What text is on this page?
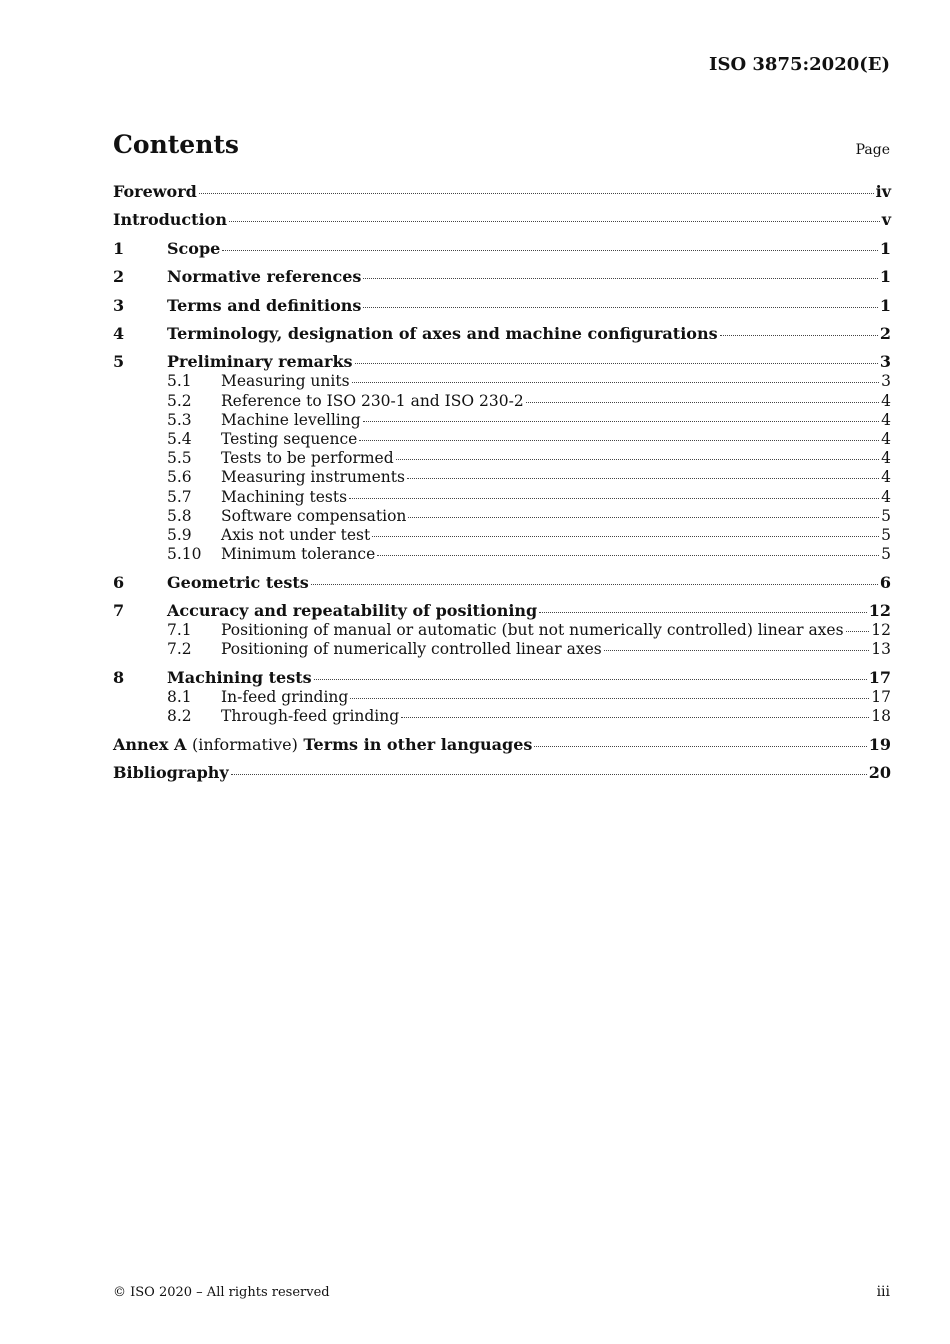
ISO 3875:2020(E)
Contents	Page
Foreword	iv
Introduction	v
1	Scope	1
2	Normative references	1
3	Terms and definitions	1
4	Terminology, designation of axes and machine configurations	2
5	Preliminary remarks	3
5.1	Measuring units	3
5.2	Reference to ISO 230-1 and ISO 230-2	4
5.3	Machine levelling	4
5.4	Testing sequence	4
5.5	Tests to be performed	4
5.6	Measuring instruments	4
5.7	Machining tests	4
5.8	Software compensation	5
5.9	Axis not under test	5
5.10	Minimum tolerance	5
6	Geometric tests	6
7	Accuracy and repeatability of positioning	12
7.1	Positioning of manual or automatic (but not numerically controlled) linear axes 12
7.2	Positioning of numerically controlled linear axes	13
8	Machining tests	17
8.1	In-feed grinding	17
8.2	Through-feed grinding	18
Annex A (informative) Terms in other languages	19
Bibliography	20
© ISO 2020 – All rights reserved	iii
